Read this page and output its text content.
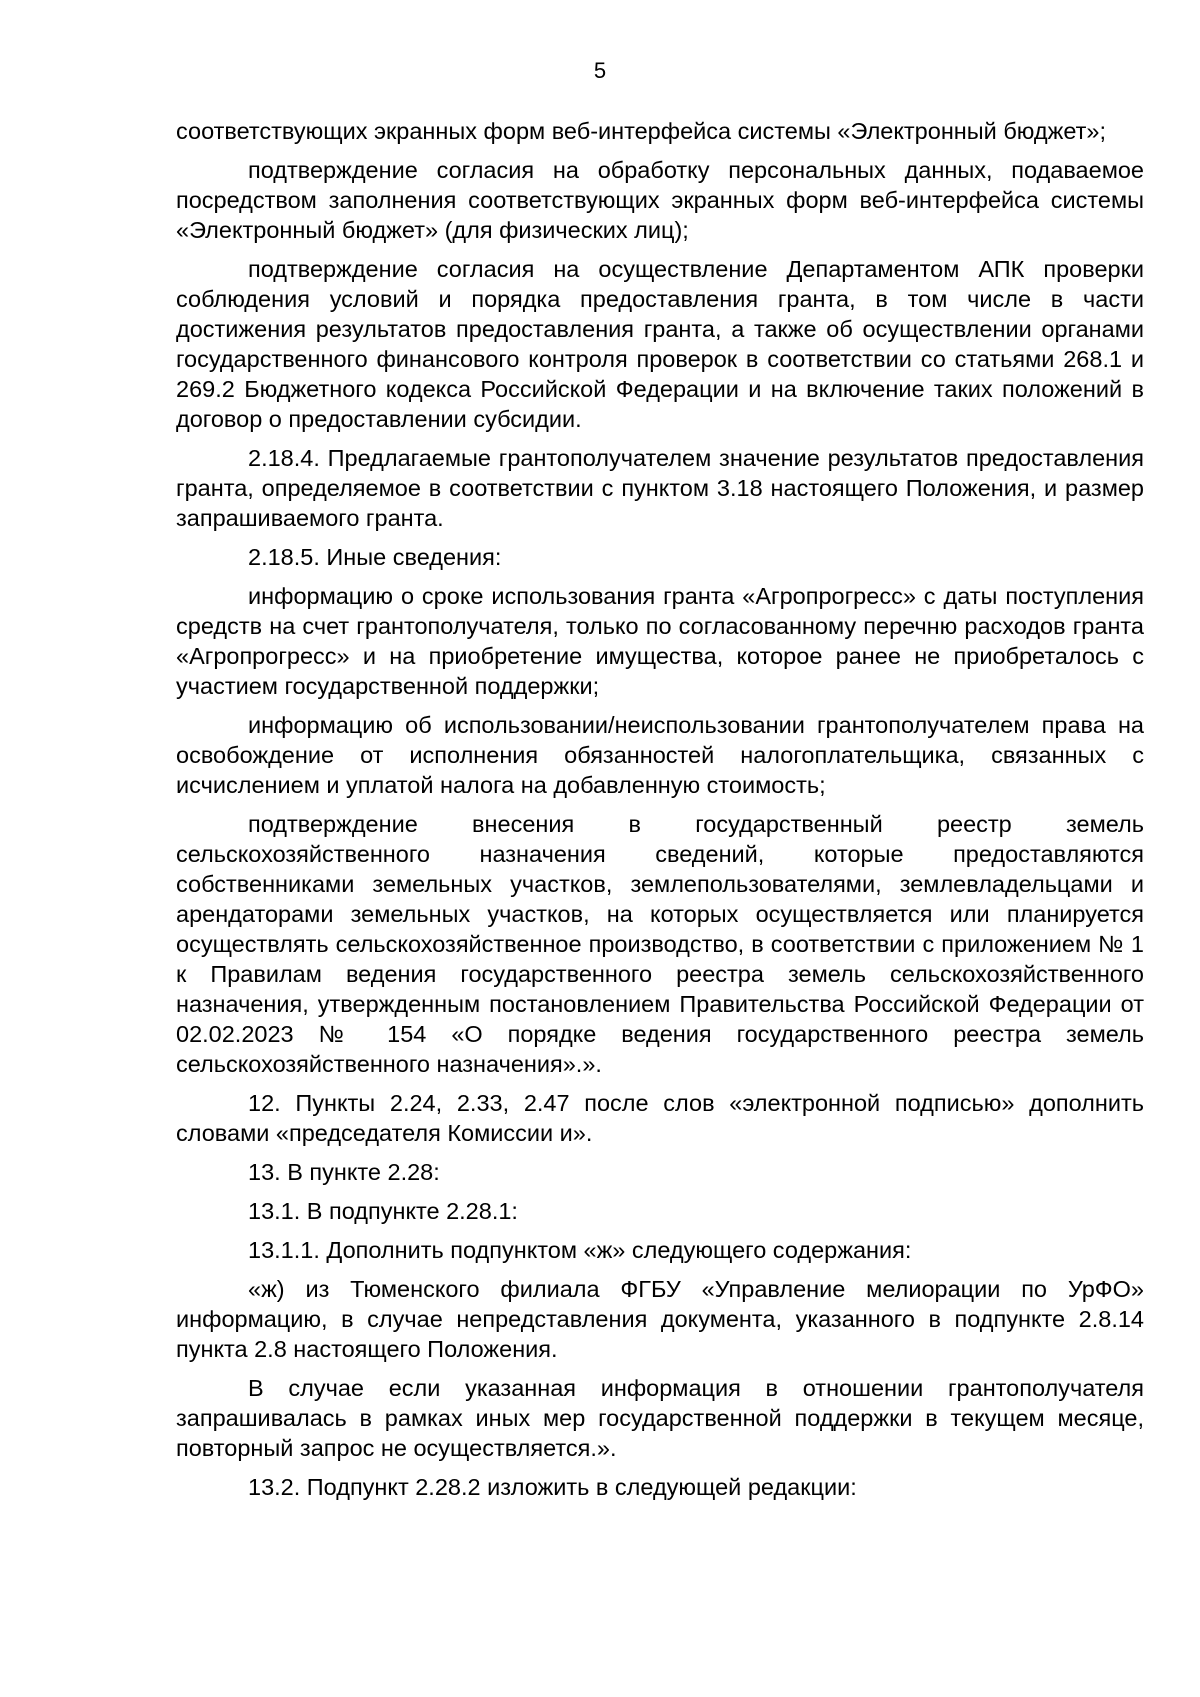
5

соответствующих экранных форм веб-интерфейса системы «Электронный бюджет»;

подтверждение согласия на обработку персональных данных, подаваемое посредством заполнения соответствующих экранных форм веб-интерфейса системы «Электронный бюджет» (для физических лиц);

подтверждение согласия на осуществление Департаментом АПК проверки соблюдения условий и порядка предоставления гранта, в том числе в части достижения результатов предоставления гранта, а также об осуществлении органами государственного финансового контроля проверок в соответствии со статьями 268.1 и 269.2 Бюджетного кодекса Российской Федерации и на включение таких положений в договор о предоставлении субсидии.

2.18.4. Предлагаемые грантополучателем значение результатов предоставления гранта, определяемое в соответствии с пунктом 3.18 настоящего Положения, и размер запрашиваемого гранта.

2.18.5. Иные сведения:

информацию о сроке использования гранта «Агропрогресс» с даты поступления средств на счет грантополучателя, только по согласованному перечню расходов гранта «Агропрогресс» и на приобретение имущества, которое ранее не приобреталось с участием государственной поддержки;

информацию об использовании/неиспользовании грантополучателем права на освобождение от исполнения обязанностей налогоплательщика, связанных с исчислением и уплатой налога на добавленную стоимость;

подтверждение внесения в государственный реестр земель сельскохозяйственного назначения сведений, которые предоставляются собственниками земельных участков, землепользователями, землевладельцами и арендаторами земельных участков, на которых осуществляется или планируется осуществлять сельскохозяйственное производство, в соответствии с приложением № 1 к Правилам ведения государственного реестра земель сельскохозяйственного назначения, утвержденным постановлением Правительства Российской Федерации от 02.02.2023 № 154 «О порядке ведения государственного реестра земель сельскохозяйственного назначения».».

12. Пункты 2.24, 2.33, 2.47 после слов «электронной подписью» дополнить словами «председателя Комиссии и».

13. В пункте 2.28:

13.1. В подпункте 2.28.1:

13.1.1. Дополнить подпунктом «ж» следующего содержания:

«ж) из Тюменского филиала ФГБУ «Управление мелиорации по УрФО» информацию, в случае непредставления документа, указанного в подпункте 2.8.14 пункта 2.8 настоящего Положения.

В случае если указанная информация в отношении грантополучателя запрашивалась в рамках иных мер государственной поддержки в текущем месяце, повторный запрос не осуществляется.».

13.2. Подпункт 2.28.2 изложить в следующей редакции:
